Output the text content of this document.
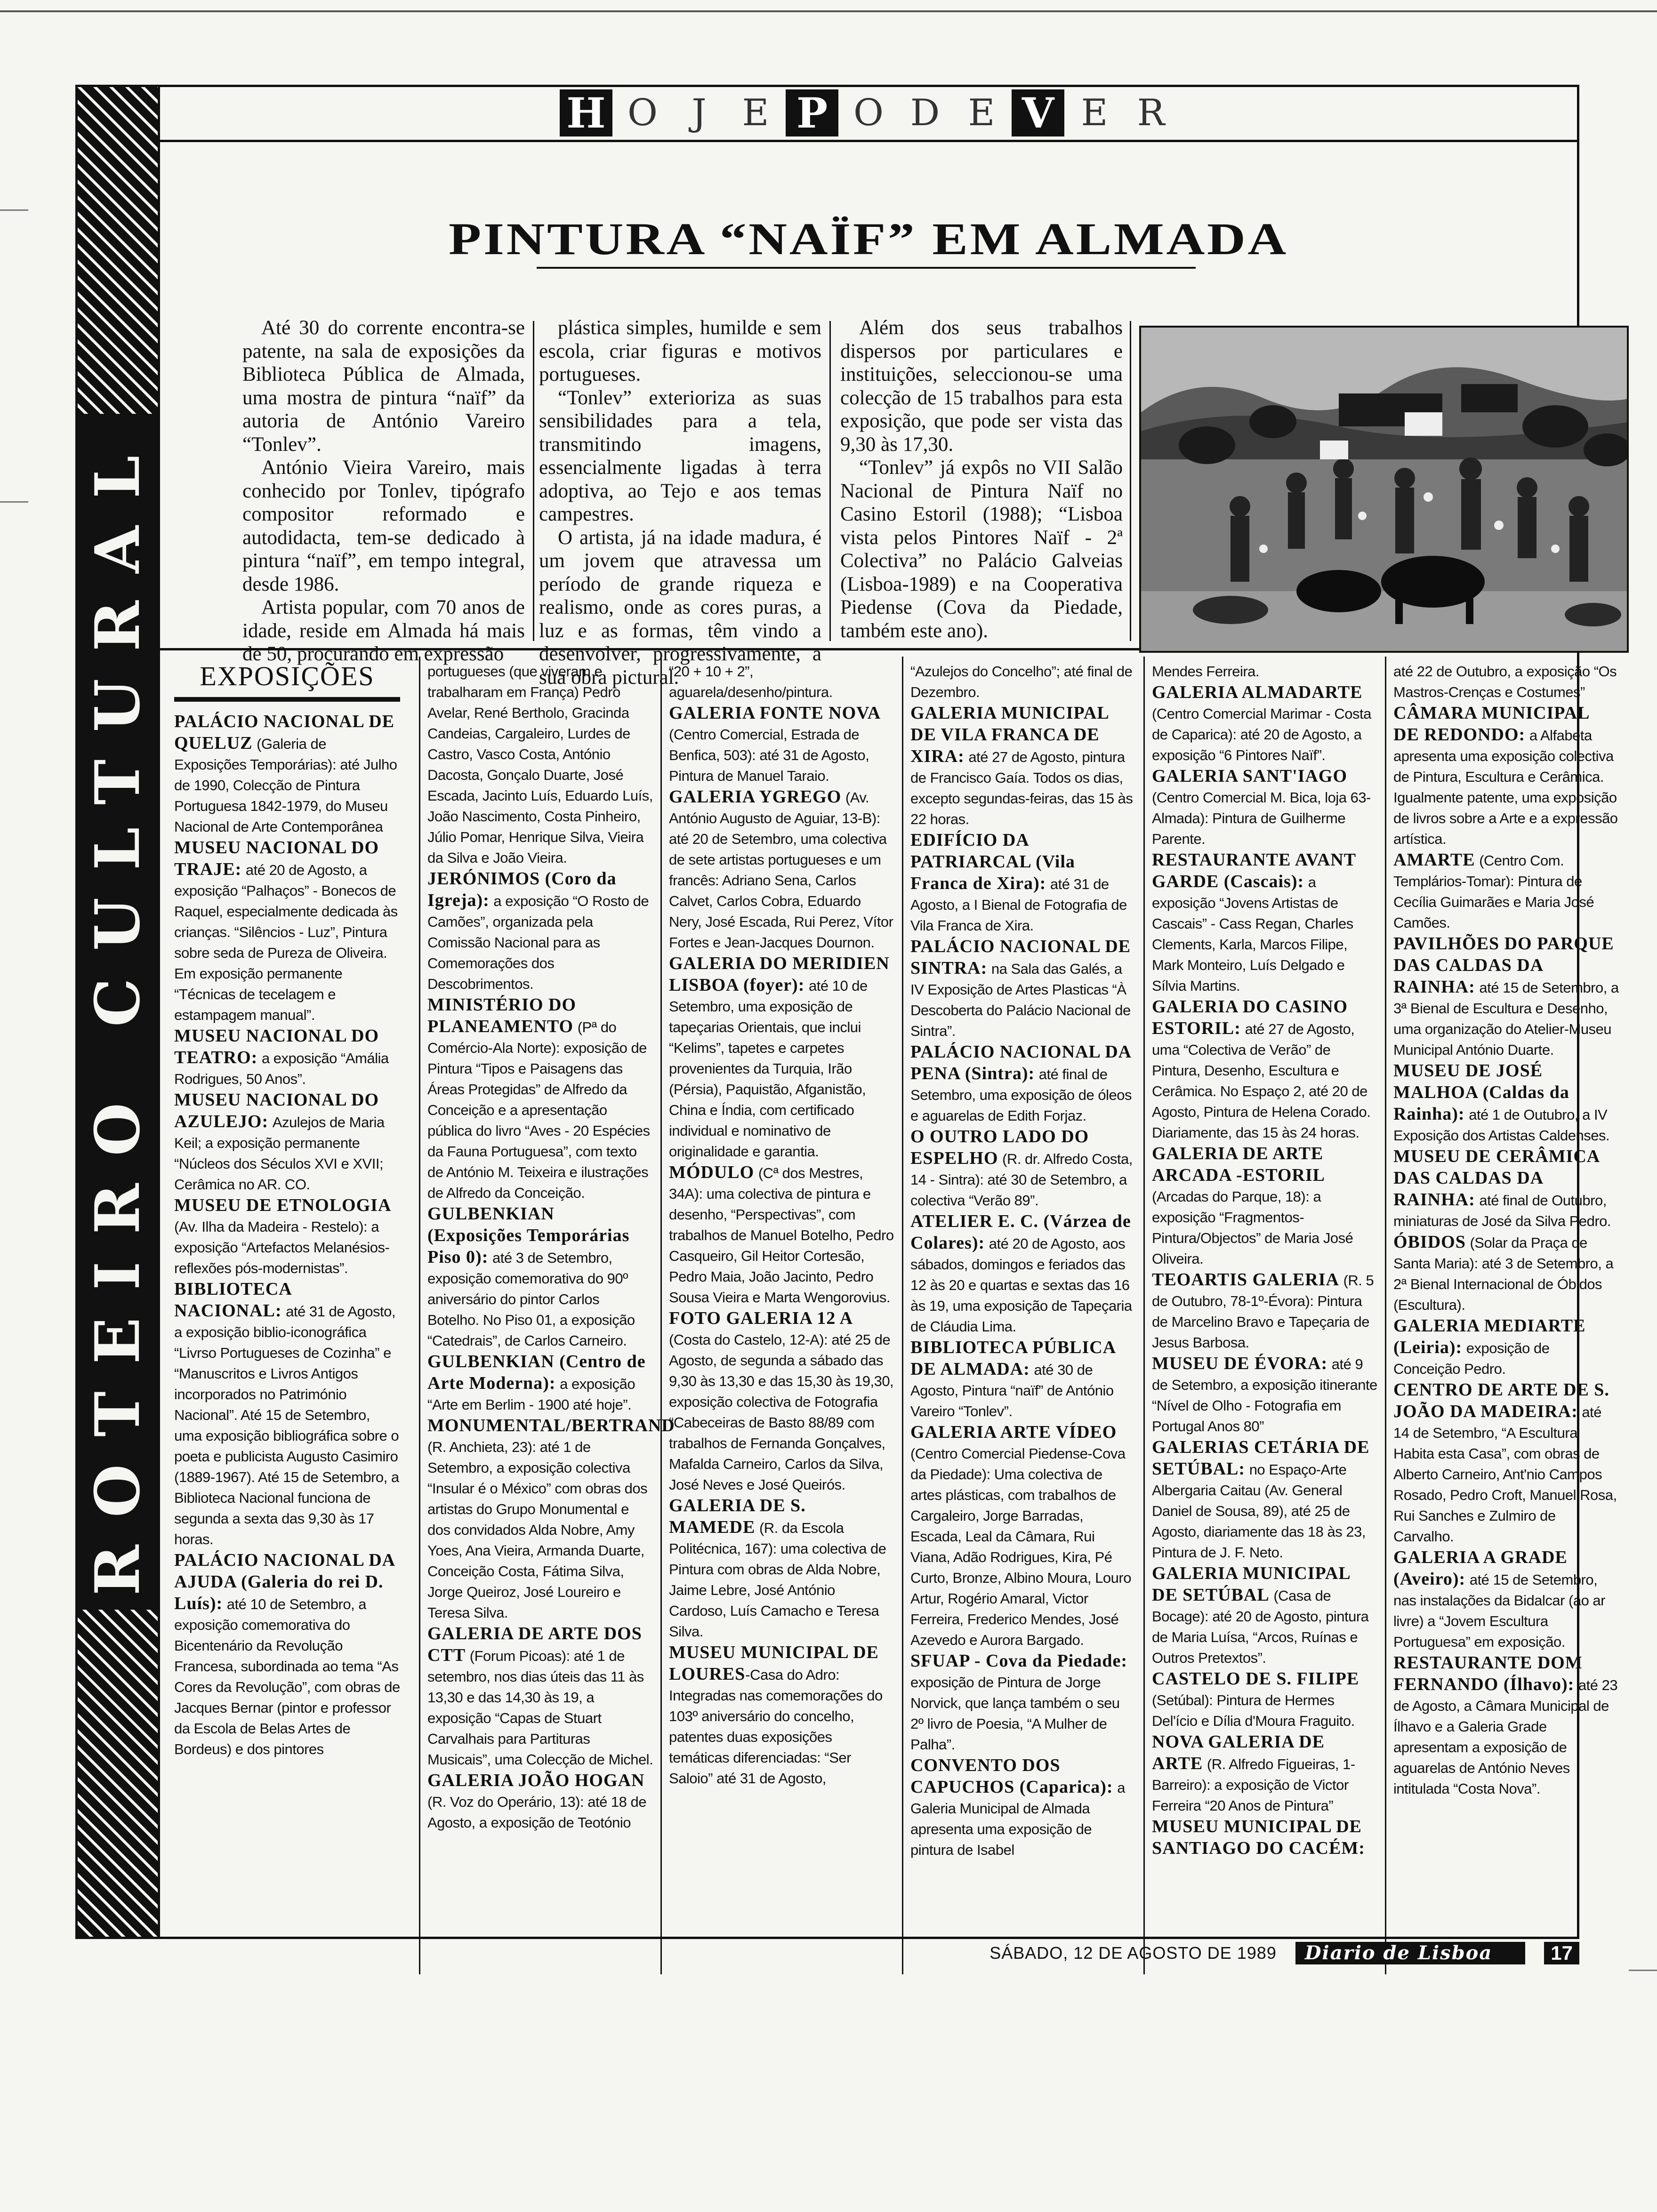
ROTEIRO CULTURAL
H O J E P O D E V E R
PINTURA “NAÏF” EM ALMADA

Até 30 do corrente encontra-se patente, na sala de exposições da Biblioteca Pública de Almada, uma mostra de pintura “naïf” da autoria de António Vareiro “Tonlev”.

António Vieira Vareiro, mais conhecido por Tonlev, tipógrafo compositor reformado e autodidacta, tem-se dedicado à pintura “naïf”, em tempo integral, desde 1986.

Artista popular, com 70 anos de idade, reside em Almada há mais de 50, procurando em expressão

plástica simples, humilde e sem escola, criar figuras e motivos portugueses.

“Tonlev” exterioriza as suas sensibilidades para a tela, transmitindo imagens, essencialmente ligadas à terra adoptiva, ao Tejo e aos temas campestres.

O artista, já na idade madura, é um jovem que atravessa um período de grande riqueza e realismo, onde as cores puras, a luz e as formas, têm vindo a desenvolver, progressivamente, a sua obra pictural.

Além dos seus trabalhos dispersos por particulares e instituições, seleccionou-se uma colecção de 15 trabalhos para esta exposição, que pode ser vista das 9,30 às 17,30.

“Tonlev” já expôs no VII Salão Nacional de Pintura Naïf no Casino Estoril (1988); “Lisboa vista pelos Pintores Naïf - 2ª Colectiva” no Palácio Galveias (Lisboa-1989) e na Cooperativa Piedense (Cova da Piedade, também este ano).

EXPOSIÇÕES
PALÁCIO NACIONAL DE QUELUZ (Galeria de Exposições Temporárias): até Julho de 1990, Colecção de Pintura Portuguesa 1842-1979, do Museu Nacional de Arte Contemporânea
MUSEU NACIONAL DO TRAJE: até 20 de Agosto, a exposição “Palhaços” - Bonecos de Raquel, especialmente dedicada às crianças. “Silêncios - Luz”, Pintura sobre seda de Pureza de Oliveira. Em exposição permanente “Técnicas de tecelagem e estampagem manual”.
MUSEU NACIONAL DO TEATRO: a exposição “Amália Rodrigues, 50 Anos”.
MUSEU NACIONAL DO AZULEJO: Azulejos de Maria Keil; a exposição permanente “Núcleos dos Séculos XVI e XVII; Cerâmica no AR. CO.
MUSEU DE ETNOLOGIA (Av. Ilha da Madeira - Restelo): a exposição “Artefactos Melanésios- reflexões pós-modernistas”.
BIBLIOTECA NACIONAL: até 31 de Agosto, a exposição biblio-iconográfica “Livrso Portugueses de Cozinha” e “Manuscritos e Livros Antigos incorporados no Património Nacional”. Até 15 de Setembro, uma exposição bibliográfica sobre o poeta e publicista Augusto Casimiro (1889-1967). Até 15 de Setembro, a Biblioteca Nacional funciona de segunda a sexta das 9,30 às 17 horas.
PALÁCIO NACIONAL DA AJUDA (Galeria do rei D. Luís): até 10 de Setembro, a exposição comemorativa do Bicentenário da Revolução Francesa, subordinada ao tema “As Cores da Revolução”, com obras de Jacques Bernar (pintor e professor da Escola de Belas Artes de Bordeus) e dos pintores
portugueses (que viveram e trabalharam em França) Pedro Avelar, René Bertholo, Gracinda Candeias, Cargaleiro, Lurdes de Castro, Vasco Costa, António Dacosta, Gonçalo Duarte, José Escada, Jacinto Luís, Eduardo Luís, João Nascimento, Costa Pinheiro, Júlio Pomar, Henrique Silva, Vieira da Silva e João Vieira.
JERÓNIMOS (Coro da Igreja): a exposição “O Rosto de Camões”, organizada pela Comissão Nacional para as Comemorações dos Descobrimentos.
MINISTÉRIO DO PLANEAMENTO (Pª do Comércio-Ala Norte): exposição de Pintura “Tipos e Paisagens das Áreas Protegidas” de Alfredo da Conceição e a apresentação pública do livro “Aves - 20 Espécies da Fauna Portuguesa”, com texto de António M. Teixeira e ilustrações de Alfredo da Conceição.
GULBENKIAN (Exposições Temporárias Piso 0): até 3 de Setembro, exposição comemorativa do 90º aniversário do pintor Carlos Botelho. No Piso 01, a exposição “Catedrais”, de Carlos Carneiro.
GULBENKIAN (Centro de Arte Moderna): a exposição “Arte em Berlim - 1900 até hoje”.
MONUMENTAL/BERTRAND (R. Anchieta, 23): até 1 de Setembro, a exposição colectiva “Insular é o México” com obras dos artistas do Grupo Monumental e dos convidados Alda Nobre, Amy Yoes, Ana Vieira, Armanda Duarte, Conceição Costa, Fátima Silva, Jorge Queiroz, José Loureiro e Teresa Silva.
GALERIA DE ARTE DOS CTT (Forum Picoas): até 1 de setembro, nos dias úteis das 11 às 13,30 e das 14,30 às 19, a exposição “Capas de Stuart Carvalhais para Partituras Musicais”, uma Colecção de Michel.
GALERIA JOÃO HOGAN (R. Voz do Operário, 13): até 18 de Agosto, a exposição de Teotónio
“20 + 10 + 2”, aguarela/desenho/pintura.
GALERIA FONTE NOVA (Centro Comercial, Estrada de Benfica, 503): até 31 de Agosto, Pintura de Manuel Taraio.
GALERIA YGREGO (Av. António Augusto de Aguiar, 13-B): até 20 de Setembro, uma colectiva de sete artistas portugueses e um francês: Adriano Sena, Carlos Calvet, Carlos Cobra, Eduardo Nery, José Escada, Rui Perez, Vítor Fortes e Jean-Jacques Dournon.
GALERIA DO MERIDIEN LISBOA (foyer): até 10 de Setembro, uma exposição de tapeçarias Orientais, que inclui “Kelims”, tapetes e carpetes provenientes da Turquia, Irão (Pérsia), Paquistão, Afganistão, China e Índia, com certificado individual e nominativo de originalidade e garantia.
MÓDULO (Cª dos Mestres, 34A): uma colectiva de pintura e desenho, “Perspectivas”, com trabalhos de Manuel Botelho, Pedro Casqueiro, Gil Heitor Cortesão, Pedro Maia, João Jacinto, Pedro Sousa Vieira e Marta Wengorovius.
FOTO GALERIA 12 A (Costa do Castelo, 12-A): até 25 de Agosto, de segunda a sábado das 9,30 às 13,30 e das 15,30 às 19,30, exposição colectiva de Fotografia “Cabeceiras de Basto 88/89 com trabalhos de Fernanda Gonçalves, Mafalda Carneiro, Carlos da Silva, José Neves e José Queirós.
GALERIA DE S. MAMEDE (R. da Escola Politécnica, 167): uma colectiva de Pintura com obras de Alda Nobre, Jaime Lebre, José António Cardoso, Luís Camacho e Teresa Silva.
MUSEU MUNICIPAL DE LOURES-Casa do Adro: Integradas nas comemorações do 103º aniversário do concelho, patentes duas exposições temáticas diferenciadas: “Ser Saloio” até 31 de Agosto,
“Azulejos do Concelho”; até final de Dezembro.
GALERIA MUNICIPAL DE VILA FRANCA DE XIRA: até 27 de Agosto, pintura de Francisco Gaía. Todos os dias, excepto segundas-feiras, das 15 às 22 horas.
EDIFÍCIO DA PATRIARCAL (Vila Franca de Xira): até 31 de Agosto, a I Bienal de Fotografia de Vila Franca de Xira.
PALÁCIO NACIONAL DE SINTRA: na Sala das Galés, a IV Exposição de Artes Plasticas “À Descoberta do Palácio Nacional de Sintra”.
PALÁCIO NACIONAL DA PENA (Sintra): até final de Setembro, uma exposição de óleos e aguarelas de Edith Forjaz.
O OUTRO LADO DO ESPELHO (R. dr. Alfredo Costa, 14 - Sintra): até 30 de Setembro, a colectiva “Verão 89”.
ATELIER E. C. (Várzea de Colares): até 20 de Agosto, aos sábados, domingos e feriados das 12 às 20 e quartas e sextas das 16 às 19, uma exposição de Tapeçaria de Cláudia Lima.
BIBLIOTECA PÚBLICA DE ALMADA: até 30 de Agosto, Pintura “naïf” de António Vareiro “Tonlev”.
GALERIA ARTE VÍDEO (Centro Comercial Piedense-Cova da Piedade): Uma colectiva de artes plásticas, com trabalhos de Cargaleiro, Jorge Barradas, Escada, Leal da Câmara, Rui Viana, Adão Rodrigues, Kira, Pé Curto, Bronze, Albino Moura, Louro Artur, Rogério Amaral, Victor Ferreira, Frederico Mendes, José Azevedo e Aurora Bargado.
SFUAP - Cova da Piedade: exposição de Pintura de Jorge Norvick, que lança também o seu 2º livro de Poesia, “A Mulher de Palha”.
CONVENTO DOS CAPUCHOS (Caparica): a Galeria Municipal de Almada apresenta uma exposição de pintura de Isabel
Mendes Ferreira.
GALERIA ALMADARTE (Centro Comercial Marimar - Costa de Caparica): até 20 de Agosto, a exposição “6 Pintores Naïf”.
GALERIA SANT'IAGO (Centro Comercial M. Bica, loja 63-Almada): Pintura de Guilherme Parente.
RESTAURANTE AVANT GARDE (Cascais): a exposição “Jovens Artistas de Cascais” - Cass Regan, Charles Clements, Karla, Marcos Filipe, Mark Monteiro, Luís Delgado e Sílvia Martins.
GALERIA DO CASINO ESTORIL: até 27 de Agosto, uma “Colectiva de Verão” de Pintura, Desenho, Escultura e Cerâmica. No Espaço 2, até 20 de Agosto, Pintura de Helena Corado. Diariamente, das 15 às 24 horas.
GALERIA DE ARTE ARCADA -ESTORIL (Arcadas do Parque, 18): a exposição “Fragmentos-Pintura/Objectos” de Maria José Oliveira.
TEOARTIS GALERIA (R. 5 de Outubro, 78-1º-Évora): Pintura de Marcelino Bravo e Tapeçaria de Jesus Barbosa.
MUSEU DE ÉVORA: até 9 de Setembro, a exposição itinerante “Nível de Olho - Fotografia em Portugal Anos 80”
GALERIAS CETÁRIA DE SETÚBAL: no Espaço-Arte Albergaria Caitau (Av. General Daniel de Sousa, 89), até 25 de Agosto, diariamente das 18 às 23, Pintura de J. F. Neto.
GALERIA MUNICIPAL DE SETÚBAL (Casa de Bocage): até 20 de Agosto, pintura de Maria Luísa, “Arcos, Ruínas e Outros Pretextos”.
CASTELO DE S. FILIPE (Setúbal): Pintura de Hermes Del'ício e Dília d'Moura Fraguito.
NOVA GALERIA DE ARTE (R. Alfredo Figueiras, 1-Barreiro): a exposição de Victor Ferreira “20 Anos de Pintura”
MUSEU MUNICIPAL DE SANTIAGO DO CACÉM:
até 22 de Outubro, a exposição “Os Mastros-Crenças e Costumes”
CÂMARA MUNICIPAL DE REDONDO: a Alfabeta apresenta uma exposição colectiva de Pintura, Escultura e Cerâmica. Igualmente patente, uma exposição de livros sobre a Arte e a expressão artística.
AMARTE (Centro Com. Templários-Tomar): Pintura de Cecília Guimarães e Maria José Camões.
PAVILHÕES DO PARQUE DAS CALDAS DA RAINHA: até 15 de Setembro, a 3ª Bienal de Escultura e Desenho, uma organização do Atelier-Museu Municipal António Duarte.
MUSEU DE JOSÉ MALHOA (Caldas da Rainha): até 1 de Outubro, a IV Exposição dos Artistas Caldenses.
MUSEU DE CERÂMICA DAS CALDAS DA RAINHA: até final de Outubro, miniaturas de José da Silva Pedro.
ÓBIDOS (Solar da Praça de Santa Maria): até 3 de Setembro, a 2ª Bienal Internacional de Óbidos (Escultura).
GALERIA MEDIARTE (Leiria): exposição de Conceição Pedro.
CENTRO DE ARTE DE S. JOÃO DA MADEIRA: até 14 de Setembro, “A Escultura Habita esta Casa”, com obras de Alberto Carneiro, Ant'nio Campos Rosado, Pedro Croft, Manuel Rosa, Rui Sanches e Zulmiro de Carvalho.
GALERIA A GRADE (Aveiro): até 15 de Setembro, nas instalações da Bidalcar (ao ar livre) a “Jovem Escultura Portuguesa” em exposição.
RESTAURANTE DOM FERNANDO (Ílhavo): até 23 de Agosto, a Câmara Municipal de Ílhavo e a Galeria Grade apresentam a exposição de aguarelas de António Neves intitulada “Costa Nova”.
SÁBADO, 12 DE AGOSTO DE 1989	Diario de Lisboa	17
